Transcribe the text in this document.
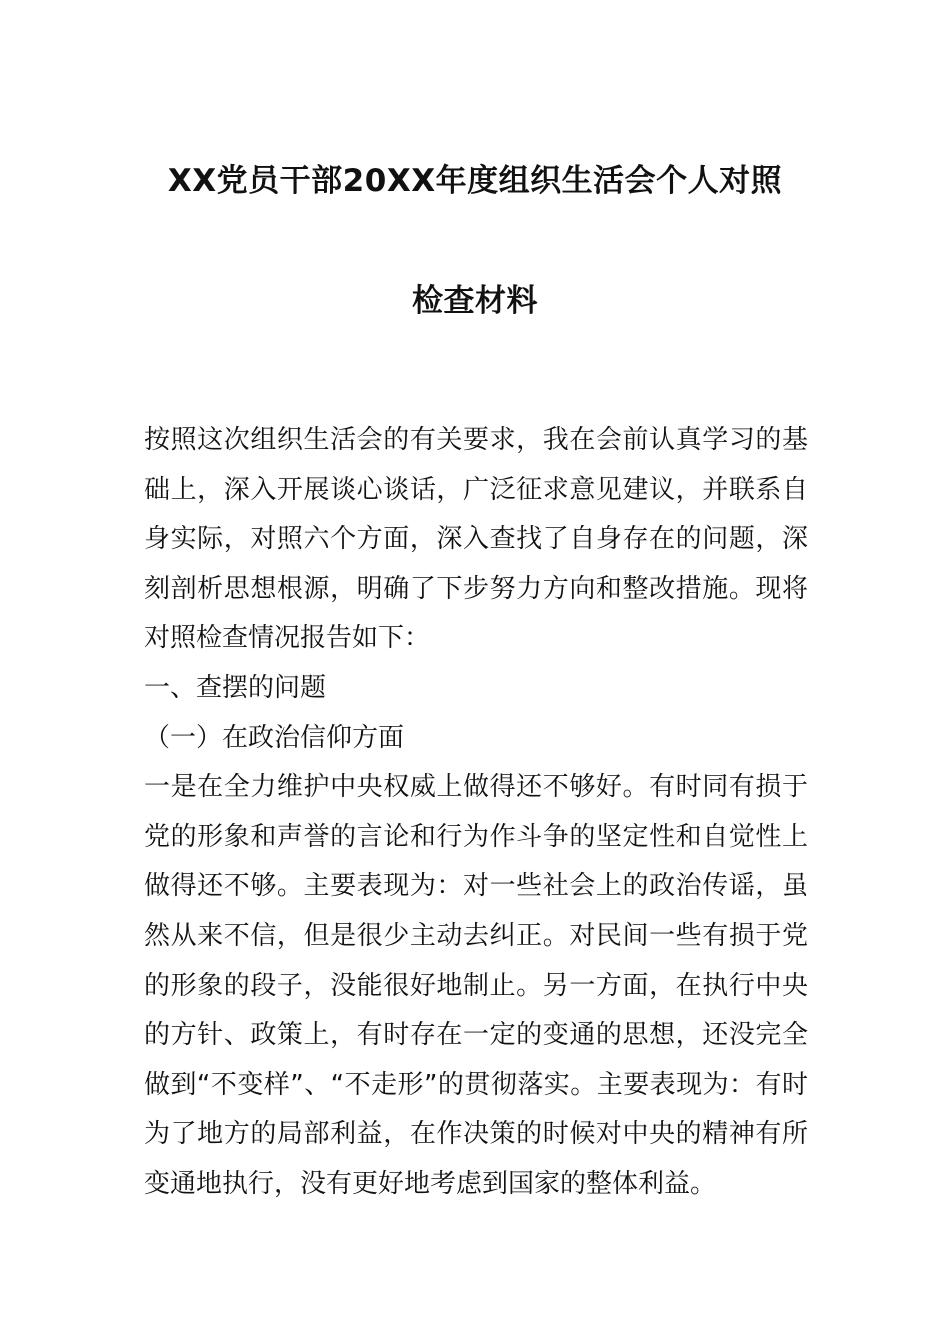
XX党员干部20XX年度组织生活会个人对照
检查材料

按照这次组织生活会的有关要求，我在会前认真学习的基础上，深入开展谈心谈话，广泛征求意见建议，并联系自身实际，对照六个方面，深入查找了自身存在的问题，深刻剖析思想根源，明确了下步努力方向和整改措施。现将对照检查情况报告如下：

一、查摆的问题

（一）在政治信仰方面

一是在全力维护中央权威上做得还不够好。有时同有损于党的形象和声誉的言论和行为作斗争的坚定性和自觉性上做得还不够。主要表现为：对一些社会上的政治传谣，虽然从来不信，但是很少主动去纠正。对民间一些有损于党的形象的段子，没能很好地制止。另一方面，在执行中央的方针、政策上，有时存在一定的变通的思想，还没完全做到“不变样”、“不走形”的贯彻落实。主要表现为：有时为了地方的局部利益，在作决策的时候对中央的精神有所变通地执行，没有更好地考虑到国家的整体利益。
